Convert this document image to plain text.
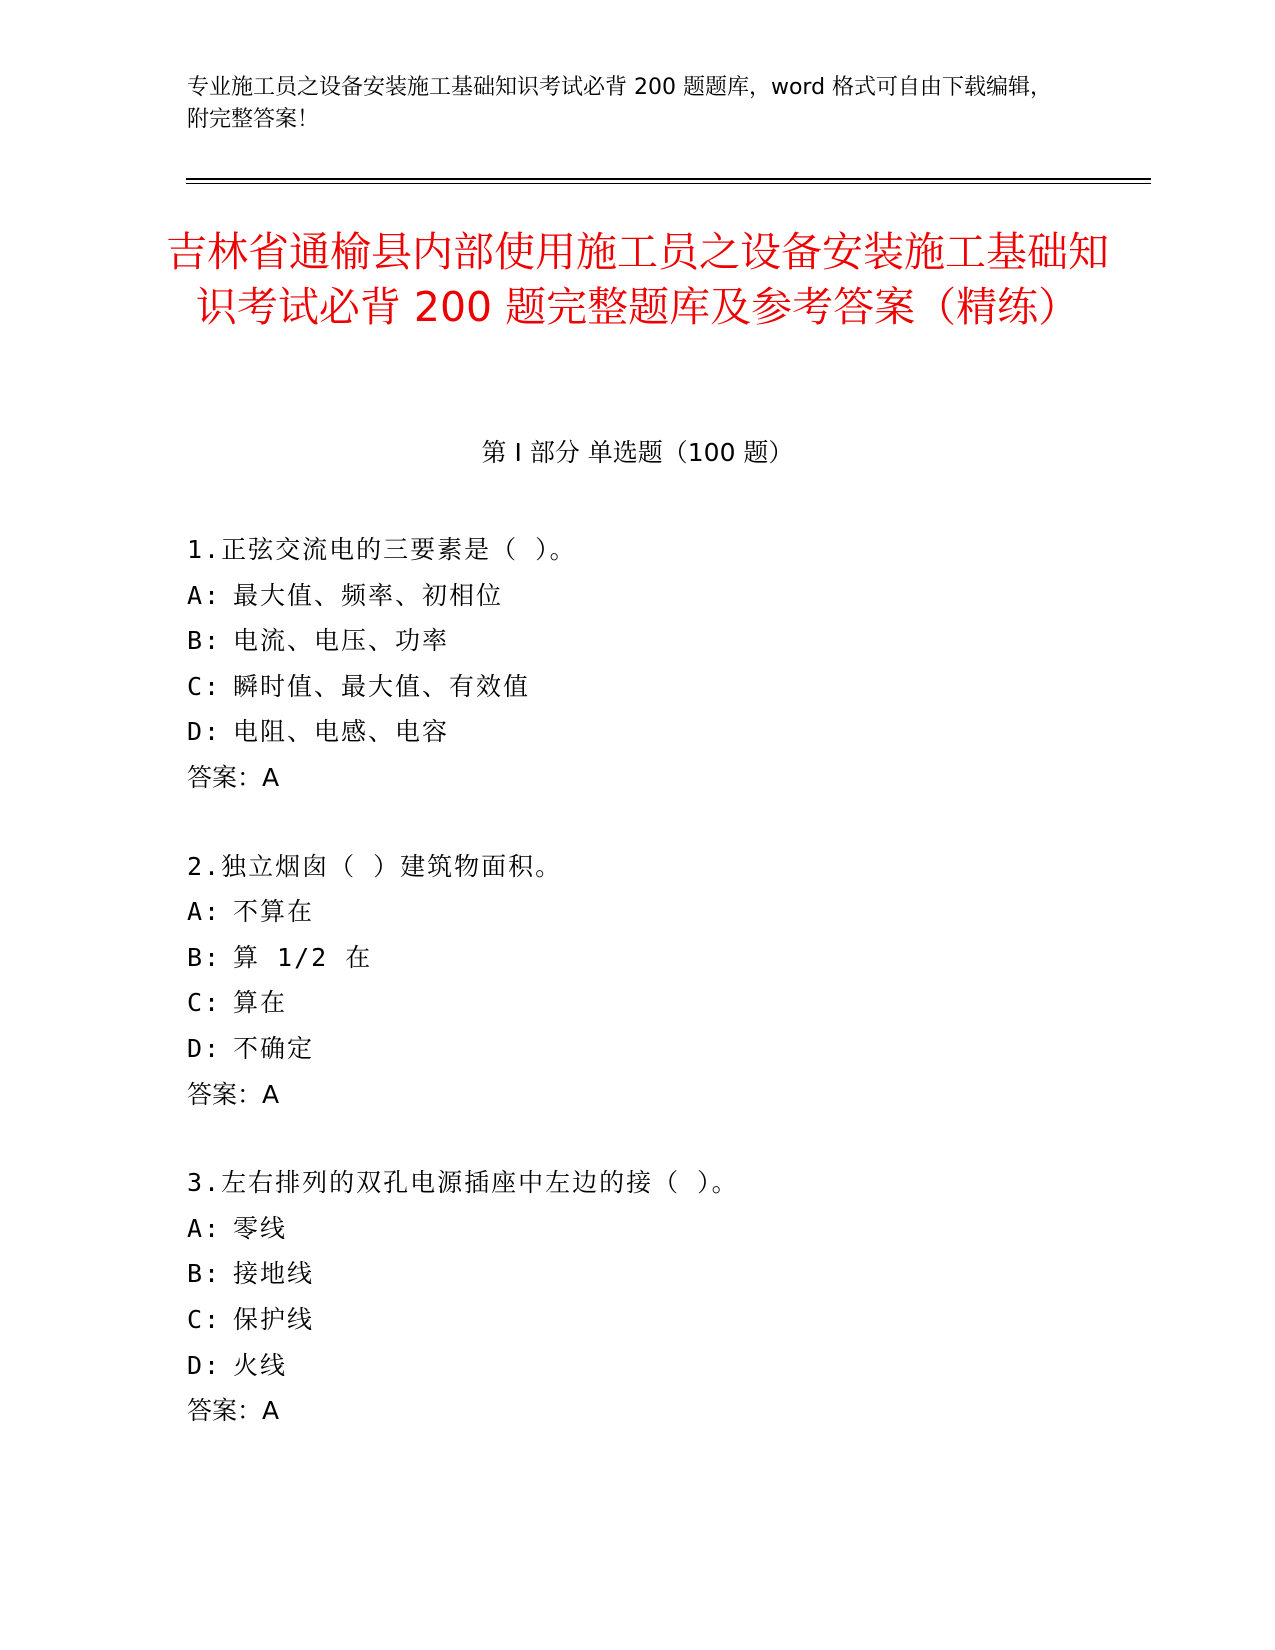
专业施工员之设备安装施工基础知识考试必背 200 题题库，word 格式可自由下载编辑，附完整答案！
吉林省通榆县内部使用施工员之设备安装施工基础知识考试必背 200 题完整题库及参考答案（精练）
第 I 部分 单选题（100 题）
1.正弦交流电的三要素是（ ）。
A: 最大值、频率、初相位
B: 电流、电压、功率
C: 瞬时值、最大值、有效值
D: 电阻、电感、电容
答案：A
2.独立烟囱（ ）建筑物面积。
A: 不算在
B: 算 1/2 在
C: 算在
D: 不确定
答案：A
3.左右排列的双孔电源插座中左边的接（ ）。
A: 零线
B: 接地线
C: 保护线
D: 火线
答案：A
